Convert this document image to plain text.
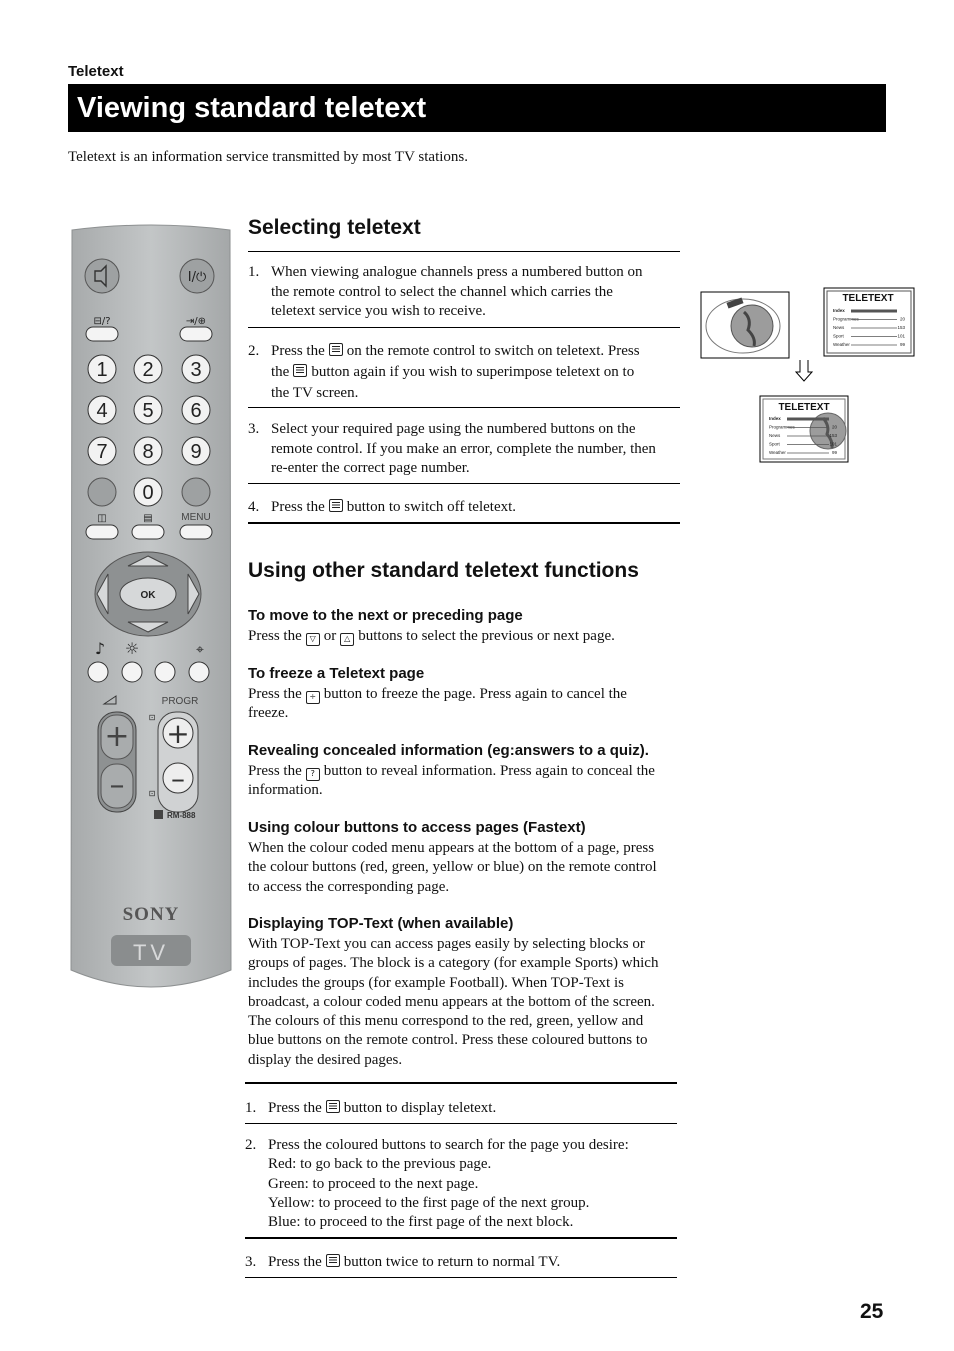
Teletext
Viewing standard teletext
Teletext is an information service transmitted by most TV stations.
I/⏻
⊟/?	⇥/⊕
1 2 3
4 5 6
7 8 9
0
◫	▤	MENU
OK
♪ ☼	⌖
PROGR
+
–
⊡ +
–
⊡
RM-888
SONY
TV
Selecting teletext
1. When viewing analogue channels press a numbered button on
the remote control to select the channel which carries the
teletext service you wish to receive.
2. Press the on the remote control to switch on teletext. Press
the button again if you wish to superimpose teletext on to
the TV screen.
3. Select your required page using the numbered buttons on the
remote control. If you make an error, complete the number, then
re-enter the correct page number.
4. Press the button to switch off teletext.
TELETEXT
Index
Programmes	20
News	153
Sport	101
Weather	99
TELETEXT
Index
Programmes	20
News	153
Sport	101
Weather	99
Using other standard teletext functions
To move to the next or preceding page
Press the ▽ or △ buttons to select the previous or next page.
To freeze a Teletext page
Press the ÷ button to freeze the page. Press again to cancel the
freeze.
Revealing concealed information (eg:answers to a quiz).
Press the ? button to reveal information. Press again to conceal the
information.
Using colour buttons to access pages (Fastext)
When the colour coded menu appears at the bottom of a page, press
the colour buttons (red, green, yellow or blue) on the remote control
to access the corresponding page.
Displaying TOP-Text (when available)
With TOP-Text you can access pages easily by selecting blocks or
groups of pages. The block is a category (for example Sports) which
includes the groups (for example Football). When TOP-Text is
broadcast, a colour coded menu appears at the bottom of the screen.
The colours of this menu correspond to the red, green, yellow and
blue buttons on the remote control. Press these coloured buttons to
display the desired pages.
1. Press the button to display teletext.
2. Press the coloured buttons to search for the page you desire:
Red: to go back to the previous page.
Green: to proceed to the next page.
Yellow: to proceed to the first page of the next group.
Blue: to proceed to the first page of the next block.
3. Press the button twice to return to normal TV.
25
